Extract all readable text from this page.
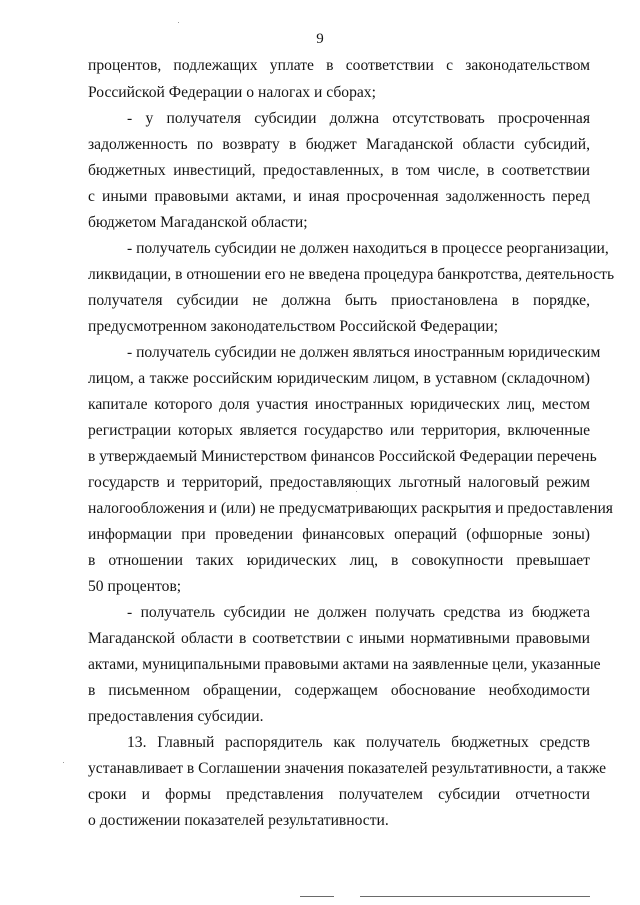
9
процентов, подлежащих уплате в соответствии с законодательством
Российской Федерации о налогах и сборах;
- у получателя субсидии должна отсутствовать просроченная
задолженность по возврату в бюджет Магаданской области субсидий,
бюджетных инвестиций, предоставленных, в том числе, в соответствии
с иными правовыми актами, и иная просроченная задолженность перед
бюджетом Магаданской области;
- получатель субсидии не должен находиться в процессе реорганизации,
ликвидации, в отношении его не введена процедура банкротства, деятельность
получателя субсидии не должна быть приостановлена в порядке,
предусмотренном законодательством Российской Федерации;
- получатель субсидии не должен являться иностранным юридическим
лицом, а также российским юридическим лицом, в уставном (складочном)
капитале которого доля участия иностранных юридических лиц, местом
регистрации которых является государство или территория, включенные
в утверждаемый Министерством финансов Российской Федерации перечень
государств и территорий, предоставляющих льготный налоговый режим
налогообложения и (или) не предусматривающих раскрытия и предоставления
информации при проведении финансовых операций (офшорные зоны)
в отношении таких юридических лиц, в совокупности превышает
50 процентов;
- получатель субсидии не должен получать средства из бюджета
Магаданской области в соответствии с иными нормативными правовыми
актами, муниципальными правовыми актами на заявленные цели, указанные
в письменном обращении, содержащем обоснование необходимости
предоставления субсидии.
13. Главный распорядитель как получатель бюджетных средств
устанавливает в Соглашении значения показателей результативности, а также
сроки и формы представления получателем субсидии отчетности
о достижении показателей результативности.
